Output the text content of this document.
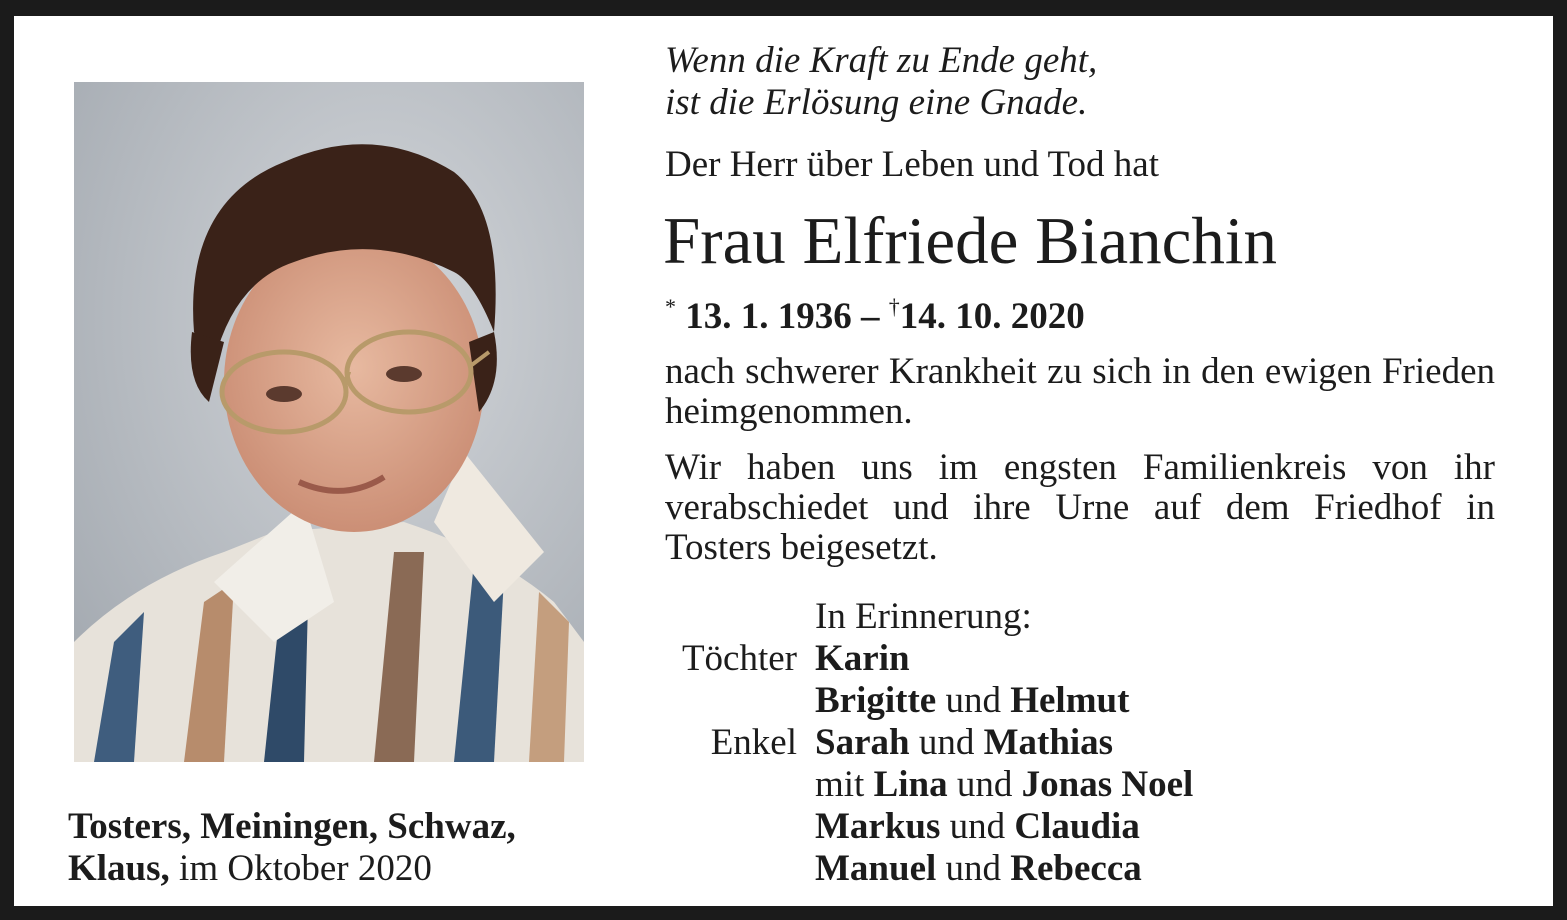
Tosters, Meiningen, Schwaz,
Klaus, im Oktober 2020
Wenn die Kraft zu Ende geht,
ist die Erlösung eine Gnade.
Der Herr über Leben und Tod hat
Frau Elfriede Bianchin
* 13. 1. 1936 – †14. 10. 2020
nach schwerer Krankheit zu sich in den ewigen Frieden heimgenommen.
Wir haben uns im engsten Familienkreis von ihr verabschiedet und ihre Urne auf dem Friedhof in Tosters beigesetzt.
In Erinnerung:
Töchter Karin
Brigitte und Helmut
Enkel Sarah und Mathias
mit Lina und Jonas Noel
Markus und Claudia
Manuel und Rebecca
